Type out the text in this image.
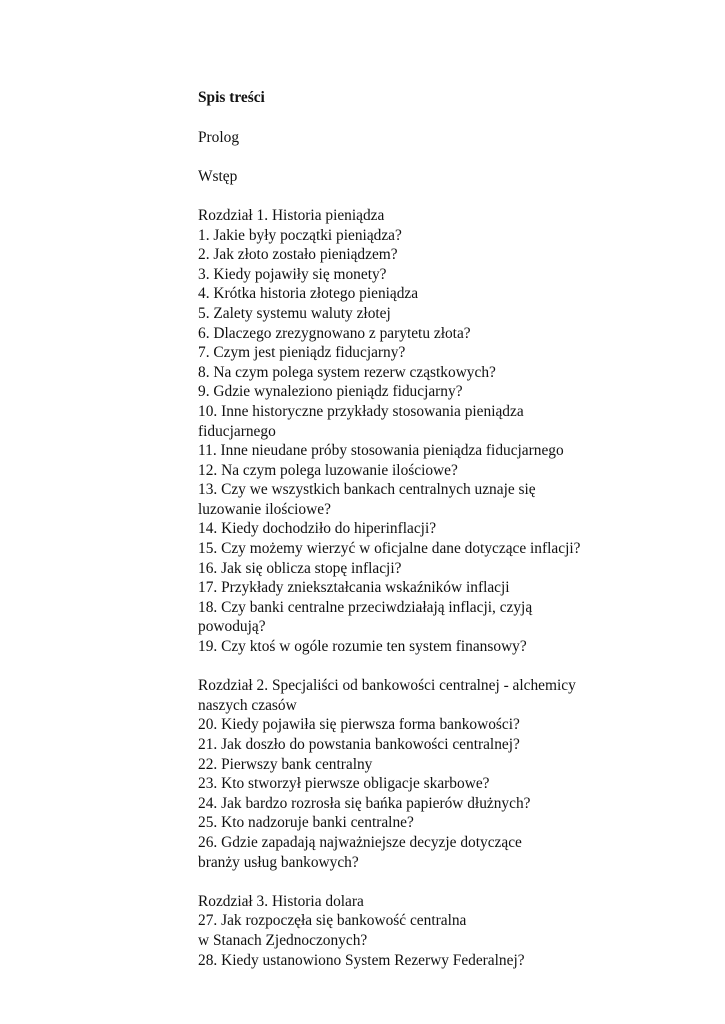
Spis treści
Prolog
Wstęp
Rozdział 1. Historia pieniądza
1. Jakie były początki pieniądza?
2. Jak złoto zostało pieniądzem?
3. Kiedy pojawiły się monety?
4. Krótka historia złotego pieniądza
5. Zalety systemu waluty złotej
6. Dlaczego zrezygnowano z parytetu złota?
7. Czym jest pieniądz fiducjarny?
8. Na czym polega system rezerw cząstkowych?
9. Gdzie wynaleziono pieniądz fiducjarny?
10. Inne historyczne przykłady stosowania pieniądza
fiducjarnego
11. Inne nieudane próby stosowania pieniądza fiducjarnego
12. Na czym polega luzowanie ilościowe?
13. Czy we wszystkich bankach centralnych uznaje się
luzowanie ilościowe?
14. Kiedy dochodziło do hiperinflacji?
15. Czy możemy wierzyć w oficjalne dane dotyczące inflacji?
16. Jak się oblicza stopę inflacji?
17. Przykłady zniekształcania wskaźników inflacji
18. Czy banki centralne przeciwdziałają inflacji, czyją
powodują?
19. Czy ktoś w ogóle rozumie ten system finansowy?
Rozdział 2. Specjaliści od bankowości centralnej - alchemicy
naszych czasów
20. Kiedy pojawiła się pierwsza forma bankowości?
21. Jak doszło do powstania bankowości centralnej?
22. Pierwszy bank centralny
23. Kto stworzył pierwsze obligacje skarbowe?
24. Jak bardzo rozrosła się bańka papierów dłużnych?
25. Kto nadzoruje banki centralne?
26. Gdzie zapadają najważniejsze decyzje dotyczące
branży usług bankowych?
Rozdział 3. Historia dolara
27. Jak rozpoczęła się bankowość centralna
w Stanach Zjednoczonych?
28. Kiedy ustanowiono System Rezerwy Federalnej?
